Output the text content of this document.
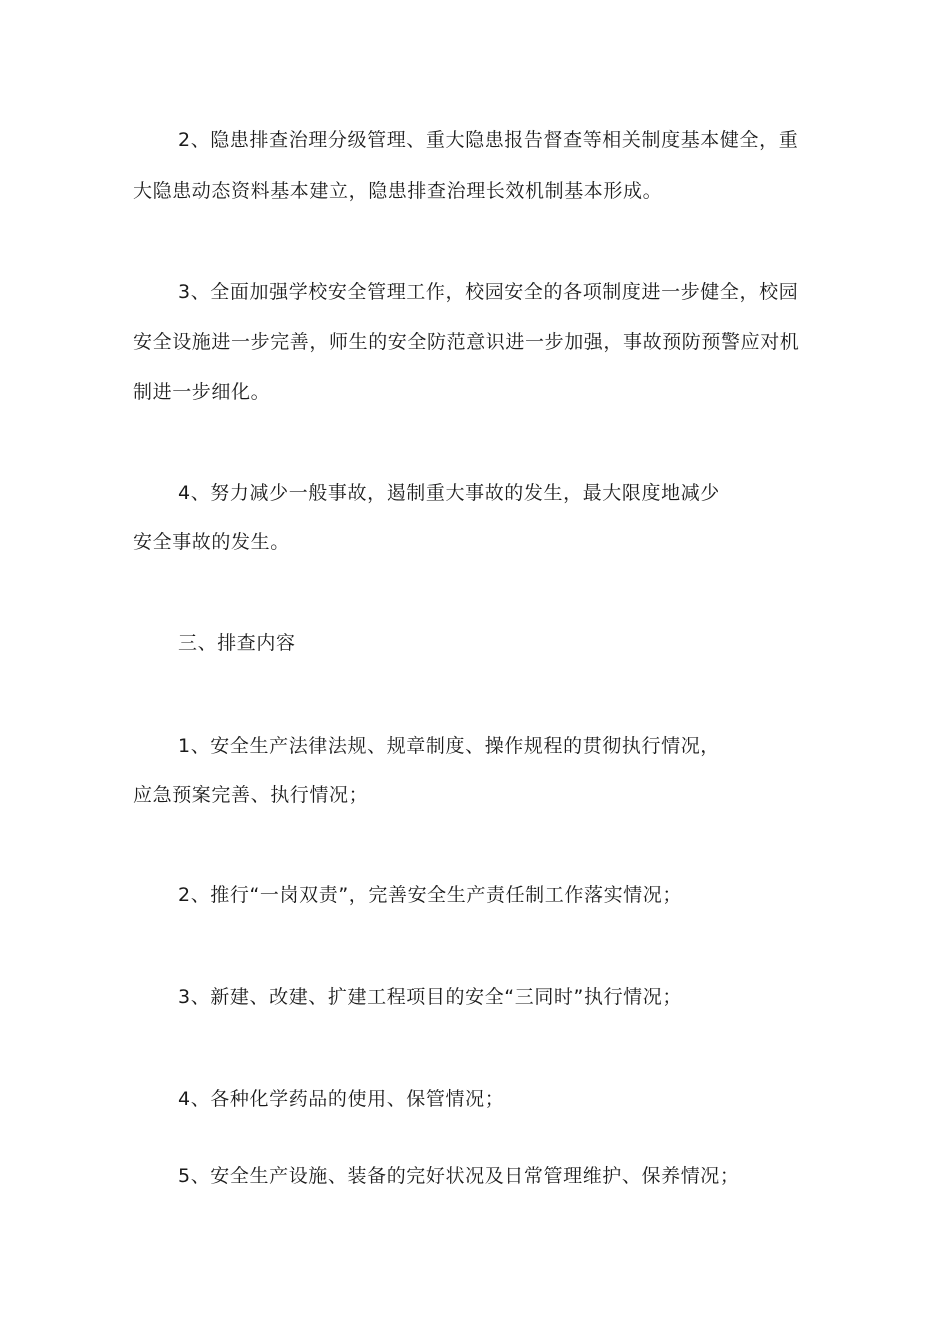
2、隐患排查治理分级管理、重大隐患报告督查等相关制度基本健全，重
大隐患动态资料基本建立，隐患排查治理长效机制基本形成。
3、全面加强学校安全管理工作，校园安全的各项制度进一步健全，校园
安全设施进一步完善，师生的安全防范意识进一步加强，事故预防预警应对机
制进一步细化。
4、努力减少一般事故，遏制重大事故的发生，最大限度地减少
安全事故的发生。
三、排查内容
1、安全生产法律法规、规章制度、操作规程的贯彻执行情况，
应急预案完善、执行情况；
2、推行“一岗双责”，完善安全生产责任制工作落实情况；
3、新建、改建、扩建工程项目的安全“三同时”执行情况；
4、各种化学药品的使用、保管情况；
5、安全生产设施、装备的完好状况及日常管理维护、保养情况；
